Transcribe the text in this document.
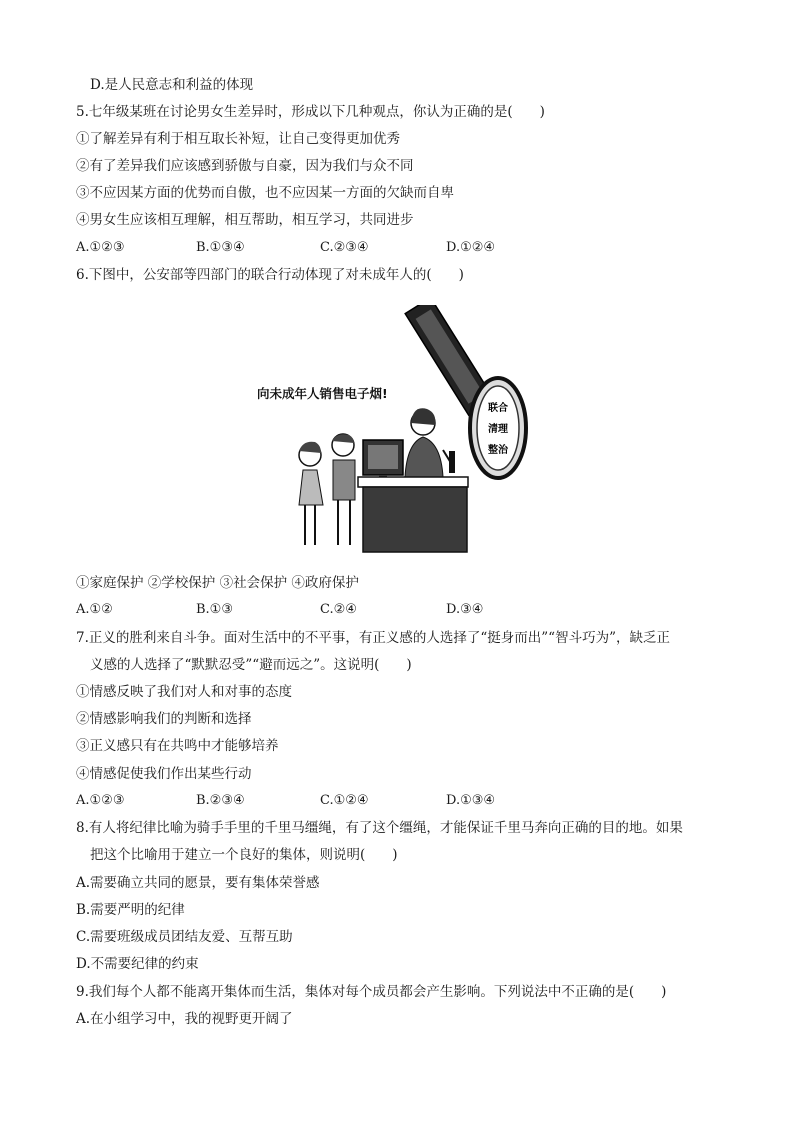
D.是人民意志和利益的体现
5.七年级某班在讨论男女生差异时，形成以下几种观点，你认为正确的是(　　)
①了解差异有利于相互取长补短，让自己变得更加优秀
②有了差异我们应该感到骄傲与自豪，因为我们与众不同
③不应因某方面的优势而自傲，也不应因某一方面的欠缺而自卑
④男女生应该相互理解，相互帮助，相互学习，共同进步
A.①②③	B.①③④	C.②③④	D.①②④
6.下图中，公安部等四部门的联合行动体现了对未成年人的(　　)
联合
清理
整治
向未成年人销售电子烟!
①家庭保护 ②学校保护 ③社会保护 ④政府保护
A.①②	B.①③	C.②④	D.③④
7.正义的胜利来自斗争。面对生活中的不平事，有正义感的人选择了“挺身而出”“智斗巧为”，缺乏正
义感的人选择了“默默忍受”“避而远之”。这说明(　　)
①情感反映了我们对人和对事的态度
②情感影响我们的判断和选择
③正义感只有在共鸣中才能够培养
④情感促使我们作出某些行动
A.①②③	B.②③④	C.①②④	D.①③④
8.有人将纪律比喻为骑手手里的千里马缰绳，有了这个缰绳，才能保证千里马奔向正确的目的地。如果
把这个比喻用于建立一个良好的集体，则说明(　　)
A.需要确立共同的愿景，要有集体荣誉感
B.需要严明的纪律
C.需要班级成员团结友爱、互帮互助
D.不需要纪律的约束
9.我们每个人都不能离开集体而生活，集体对每个成员都会产生影响。下列说法中不正确的是(　　)
A.在小组学习中，我的视野更开阔了
